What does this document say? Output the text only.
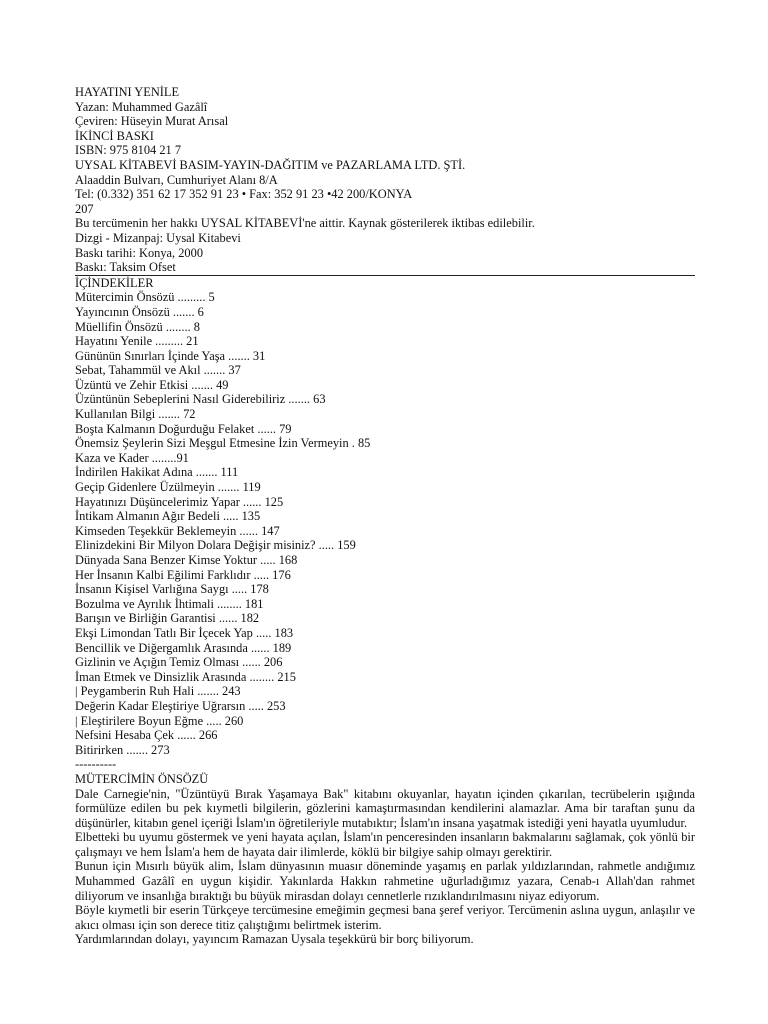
HAYATINI YENİLE
Yazan: Muhammed Gazâlî
Çeviren: Hüseyin Murat Arısal
İKİNCİ BASKI
ISBN: 975 8104 21 7
UYSAL KİTABEVİ BASIM-YAYIN-DAĞITIM ve PAZARLAMA LTD. ŞTİ.
Alaaddin Bulvarı, Cumhuriyet Alanı 8/A
Tel: (0.332) 351 62 17 352 91 23 • Fax: 352 91 23 •42 200/KONYA
207
Bu tercümenin her hakkı UYSAL KİTABEVİ'ne aittir. Kaynak gösterilerek iktibas edilebilir.
Dizgi - Mizanpaj: Uysal Kitabevi
Baskı tarihi: Konya, 2000
Baskı: Taksim Ofset
İÇİNDEKİLER
Mütercimin Önsözü ......... 5
Yayıncının Önsözü ....... 6
Müellifin Önsözü ........ 8
Hayatını Yenile ......... 21
Gününün Sınırları İçinde Yaşa ....... 31
Sebat, Tahammül ve Akıl ....... 37
Üzüntü ve Zehir Etkisi ....... 49
Üzüntünün Sebeplerini Nasıl Giderebiliriz ....... 63
Kullanılan Bilgi ....... 72
Boşta Kalmanın Doğurduğu Felaket ...... 79
Önemsiz Şeylerin Sizi Meşgul Etmesine İzin Vermeyin . 85
Kaza ve Kader ........91
İndirilen Hakikat Adına ....... 111
Geçip Gidenlere Üzülmeyin ....... 119
Hayatınızı Düşüncelerimiz Yapar ...... 125
İntikam Almanın Ağır Bedeli ..... 135
Kimseden Teşekkür Beklemeyin ...... 147
Elinizdekini Bir Milyon Dolara Değişir misiniz? ..... 159
Dünyada Sana Benzer Kimse Yoktur ..... 168
Her İnsanın Kalbi Eğilimi Farklıdır ..... 176
İnsanın Kişisel Varlığına Saygı ..... 178
Bozulma ve Ayrılık İhtimali ........ 181
Barışın ve Birliğin Garantisi ...... 182
Ekşi Limondan Tatlı Bir İçecek Yap ..... 183
Bencillik ve Diğergamlık Arasında ...... 189
Gizlinin ve Açığın Temiz Olması ...... 206
İman Etmek ve Dinsizlik Arasında ........ 215
| Peygamberin Ruh Hali ....... 243
Değerin Kadar Eleştiriye Uğrarsın ..... 253
| Eleştirilere Boyun Eğme ..... 260
Nefsini Hesaba Çek ...... 266
Bitirirken ....... 273
----------
MÜTERCİMİN ÖNSÖZÜ
Dale Carnegie'nin, "Üzüntüyü Bırak Yaşamaya Bak" kitabını okuyanlar, hayatın içinden çıkarılan, tecrübelerin ışığında formülüze edilen bu pek kıymetli bilgilerin, gözlerini kamaştırmasından kendilerini alamazlar. Ama bir taraftan şunu da düşünürler, kitabın genel içeriği İslam'ın öğretileriyle mutabıktır; İslam'ın insana yaşatmak istediği yeni hayatla uyumludur.
Elbetteki bu uyumu göstermek ve yeni hayata açılan, İslam'ın penceresinden insanların bakmalarını sağlamak, çok yönlü bir çalışmayı ve hem İslam'a hem de hayata dair ilimlerde, köklü bir bilgiye sahip olmayı gerektirir.
Bunun için Mısırlı büyük alim, İslam dünyasının muasır döneminde yaşamış en parlak yıldızlarından, rahmetle andığımız Muhammed Gazâlî en uygun kişidir. Yakınlarda Hakkın rahmetine uğurladığımız yazara, Cenab-ı Allah'dan rahmet diliyorum ve insanlığa bıraktığı bu büyük mirasdan dolayı cennetlerle rızıklandırılmasını niyaz ediyorum.
Böyle kıymetli bir eserin Türkçeye tercümesine emeğimin geçmesi bana şeref veriyor. Tercümenin aslına uygun, anlaşılır ve akıcı olması için son derece titiz çalıştığımı belirtmek isterim.
Yardımlarından dolayı, yayıncım Ramazan Uysala teşekkürü bir borç biliyorum.
